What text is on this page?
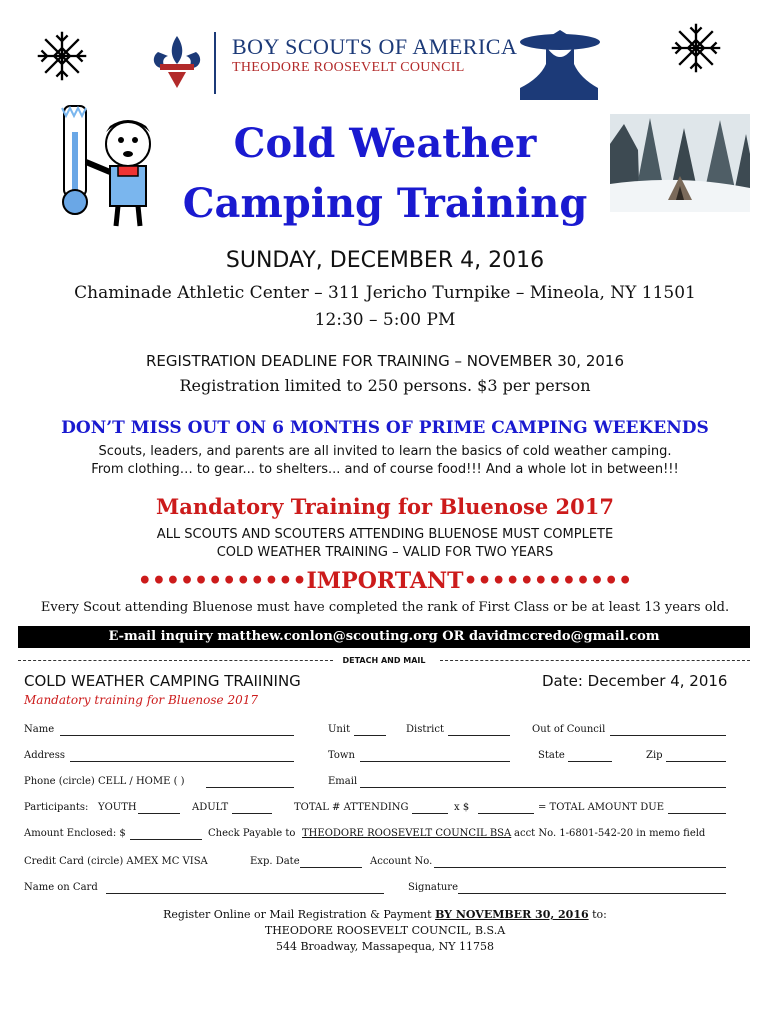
BOY SCOUTS OF AMERICA
THEODORE ROOSEVELT COUNCIL
Cold Weather
Camping Training
SUNDAY, DECEMBER 4, 2016
Chaminade Athletic Center – 311 Jericho Turnpike – Mineola, NY 11501
12:30 – 5:00 PM
REGISTRATION DEADLINE FOR TRAINING – NOVEMBER 30, 2016
Registration limited to 250 persons. $3 per person
DON’T MISS OUT ON 6 MONTHS OF PRIME CAMPING WEEKENDS
Scouts, leaders, and parents are all invited to learn the basics of cold weather camping.
From clothing… to gear... to shelters... and of course food!!! And a whole lot in between!!!
Mandatory Training for Bluenose 2017
ALL SCOUTS AND SCOUTERS ATTENDING BLUENOSE MUST COMPLETE
COLD WEATHER TRAINING – VALID FOR TWO YEARS
••••••••••••IMPORTANT••••••••••••
Every Scout attending Bluenose must have completed the rank of First Class or be at least 13 years old.
E-mail inquiry matthew.conlon@scouting.org OR davidmccredo@gmail.com
DETACH AND MAIL
COLD WEATHER CAMPING TRAIINING	Date: December 4, 2016
Mandatory training for Bluenose 2017
Name	Unit	District	Out of Council
Address	Town	State	Zip
Phone (circle) CELL / HOME ( )	Email
Participants: YOUTH	ADULT	TOTAL # ATTENDING	x $	= TOTAL AMOUNT DUE
Amount Enclosed: $	Check Payable to THEODORE ROOSEVELT COUNCIL BSA acct No. 1-6801-542-20 in memo field
Credit Card (circle) AMEX MC VISA	Exp. Date	Account No.
Name on Card	Signature
Register Online or Mail Registration & Payment BY NOVEMBER 30, 2016 to:
THEODORE ROOSEVELT COUNCIL, B.S.A
544 Broadway, Massapequa, NY 11758
